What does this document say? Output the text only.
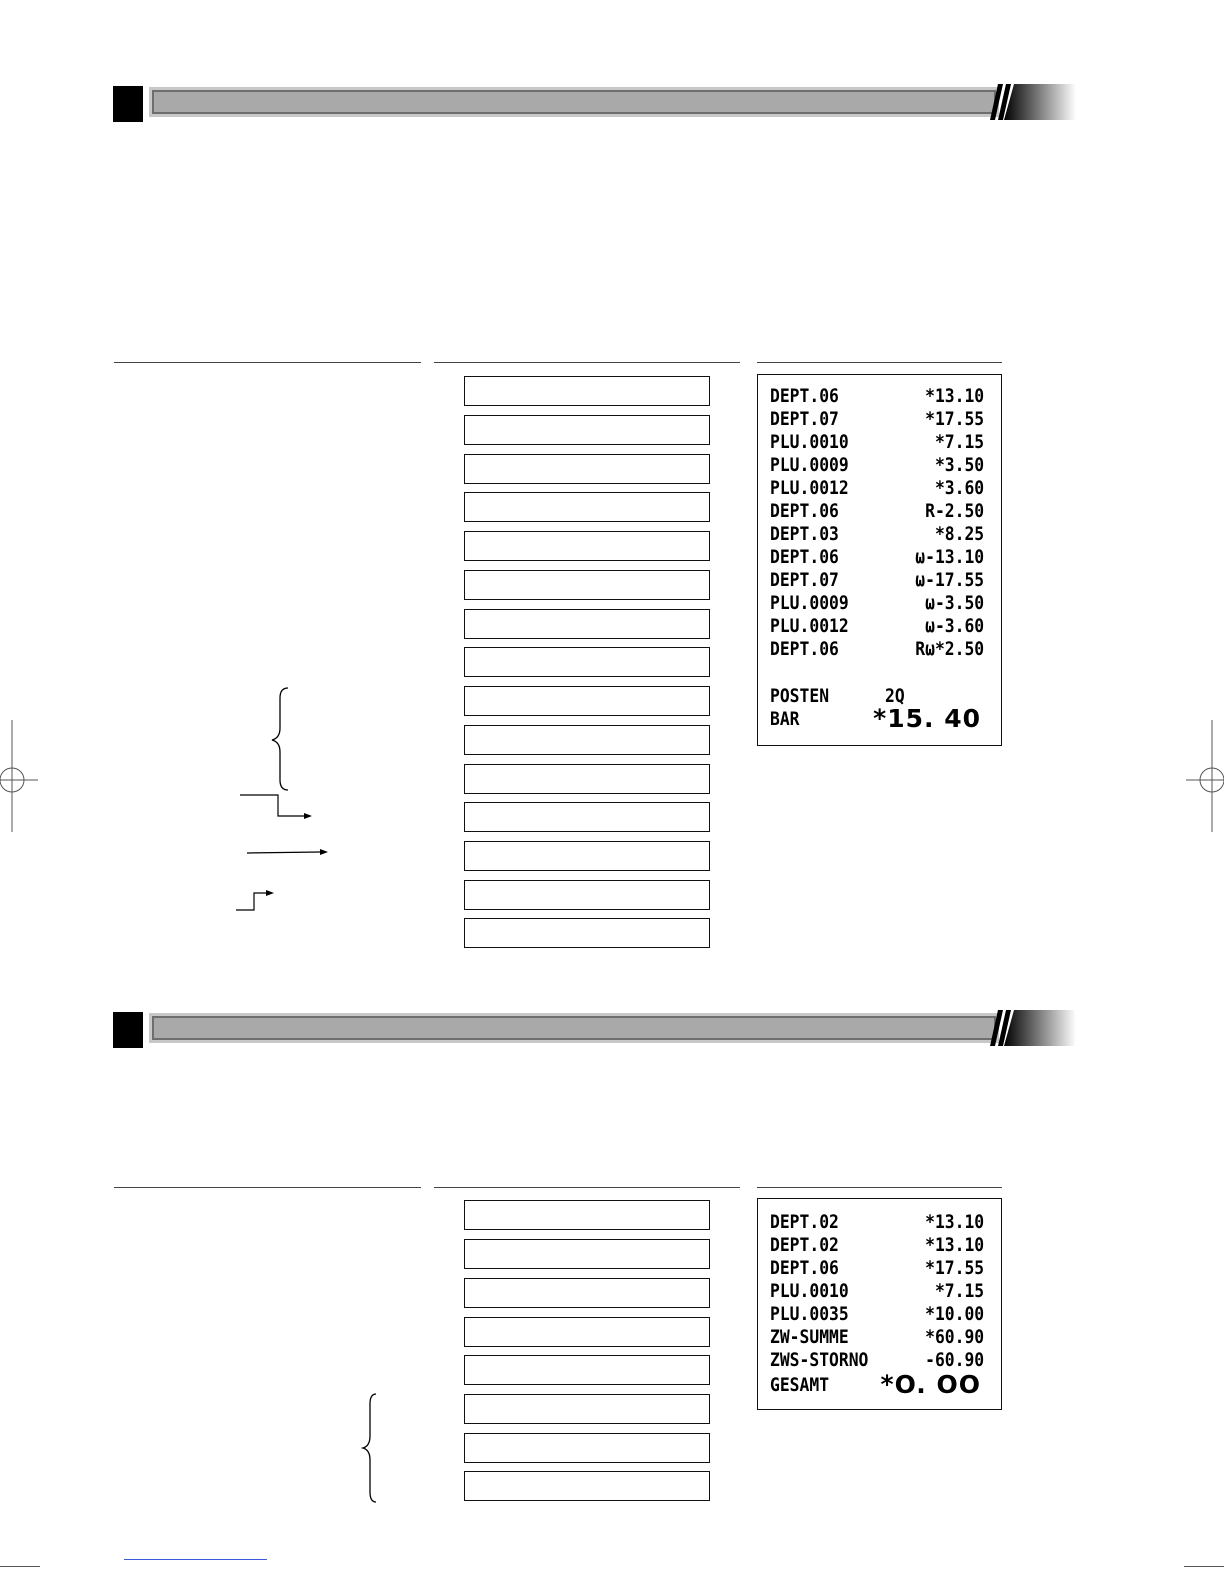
DEPT.06	*13.10
DEPT.07	*17.55
PLU.0010	*7.15
PLU.0009	*3.50
PLU.0012	*3.60
DEPT.06	R-2.50
DEPT.03	*8.25
DEPT.06	ω-13.10
DEPT.07	ω-17.55
PLU.0009	ω-3.50
PLU.0012	ω-3.60
DEPT.06	Rω*2.50
POSTEN	2Q
BAR	*15. 40
DEPT.02	*13.10
DEPT.02	*13.10
DEPT.06	*17.55
PLU.0010	*7.15
PLU.0035	*10.00
ZW-SUMME	*60.90
ZWS-STORNO	-60.90
GESAMT *O. OO
